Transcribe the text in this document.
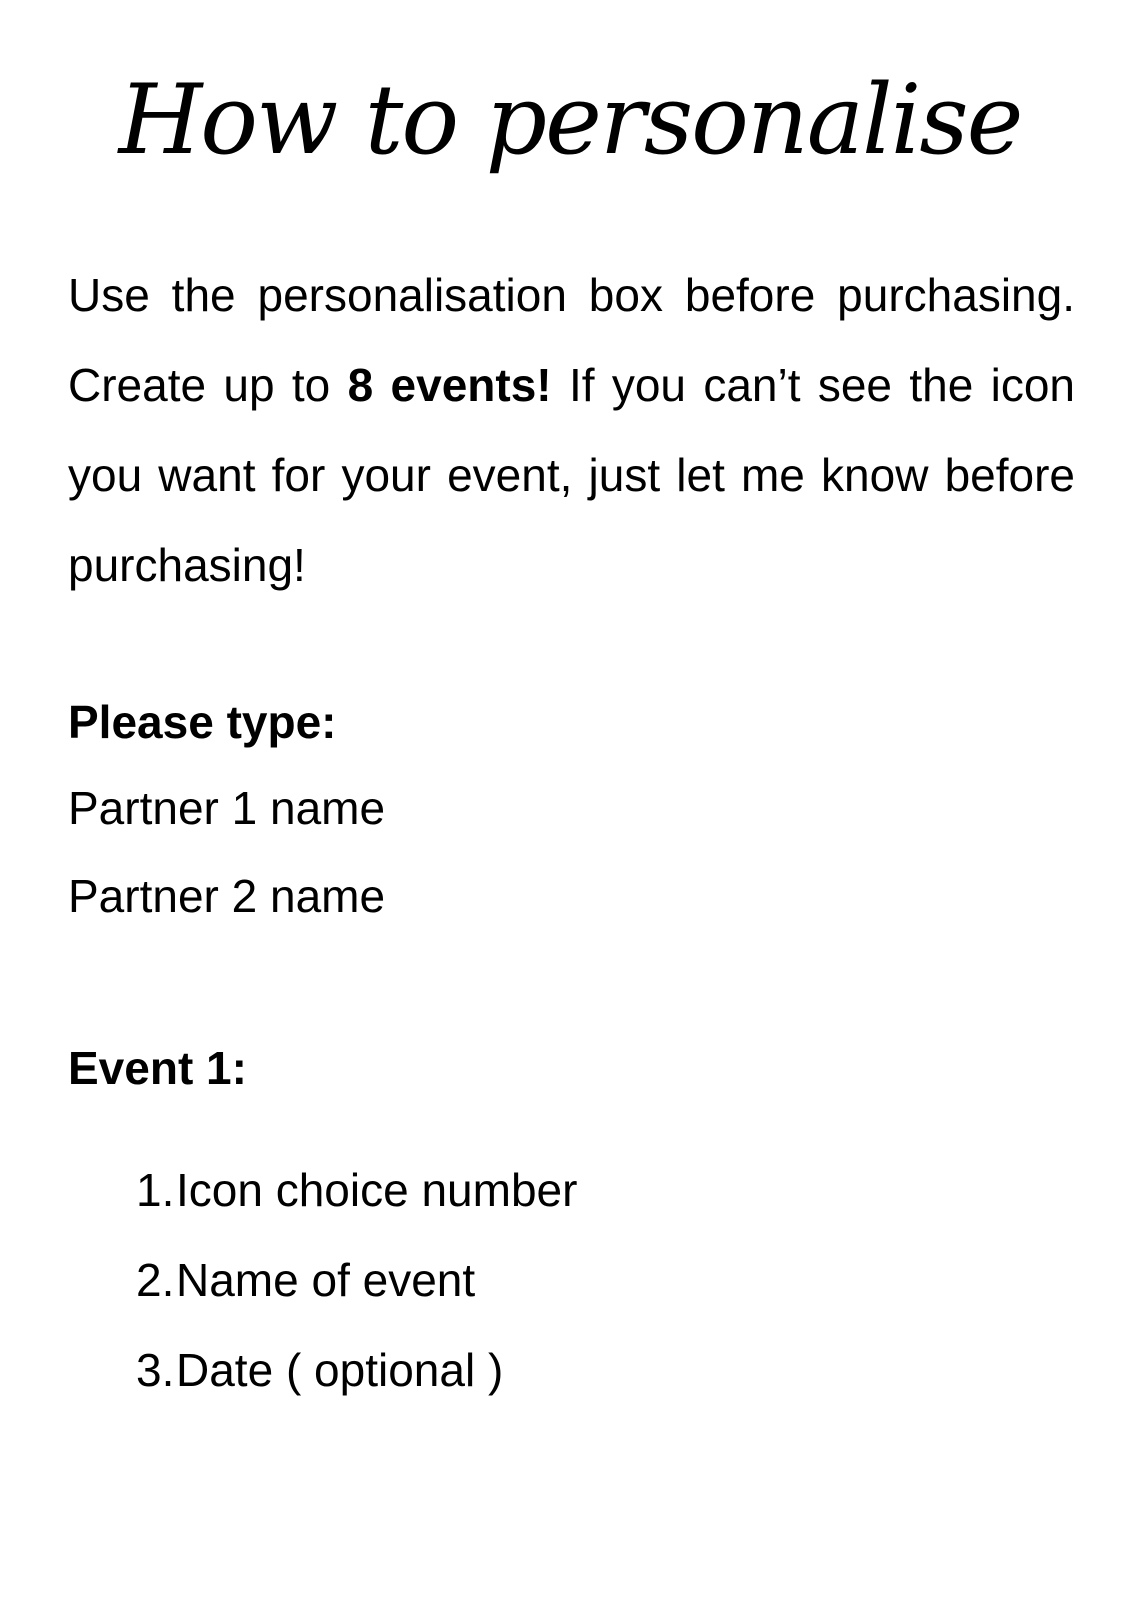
How to personalise

Use the personalisation box before purchasing. Create up to 8 events! If you can’t see the icon you want for your event, just let me know before purchasing!

Please type:

Partner 1 name

Partner 2 name

Event 1:
1. Icon choice number
2. Name of event
3. Date ( optional )
